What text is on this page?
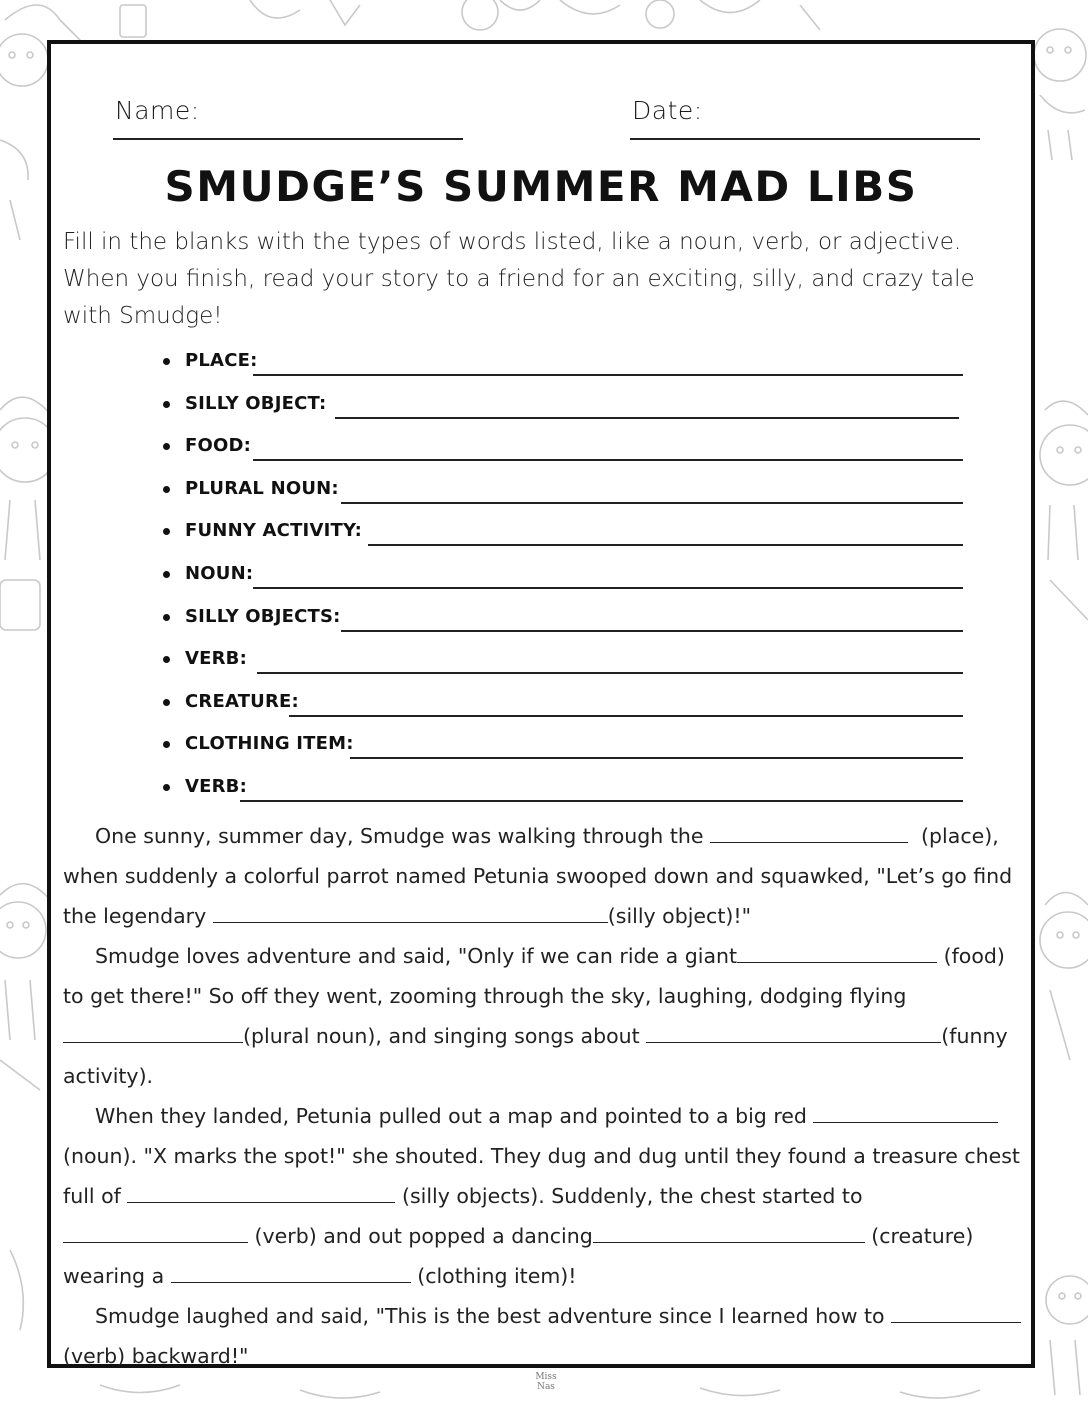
Name:	Date:
SMUDGE’S SUMMER MAD LIBS
Fill in the blanks with the types of words listed, like a noun, verb, or adjective. When you finish, read your story to a friend for an exciting, silly, and crazy tale with Smudge!
PLACE:
SILLY OBJECT:
FOOD:
PLURAL NOUN:
FUNNY ACTIVITY:
NOUN:
SILLY OBJECTS:
VERB:
CREATURE:
CLOTHING ITEM:
VERB:

One sunny, summer day, Smudge was walking through the	(place), when suddenly a colorful parrot named Petunia swooped down and squawked, "Let’s go find the legendary	(silly object)!"

Smudge loves adventure and said, "Only if we can ride a giant	(food) to get there!" So off they went, zooming through the sky, laughing, dodging flying (plural noun), and singing songs about	(funny activity).

When they landed, Petunia pulled out a map and pointed to a big red  (noun). "X marks the spot!" she shouted. They dug and dug until they found a treasure chest full of	(silly objects). Suddenly, the chest started to  (verb) and out popped a dancing	(creature) wearing a	(clothing item)!

Smudge laughed and said, "This is the best adventure since I learned how to  (verb) backward!"

Miss Nas
